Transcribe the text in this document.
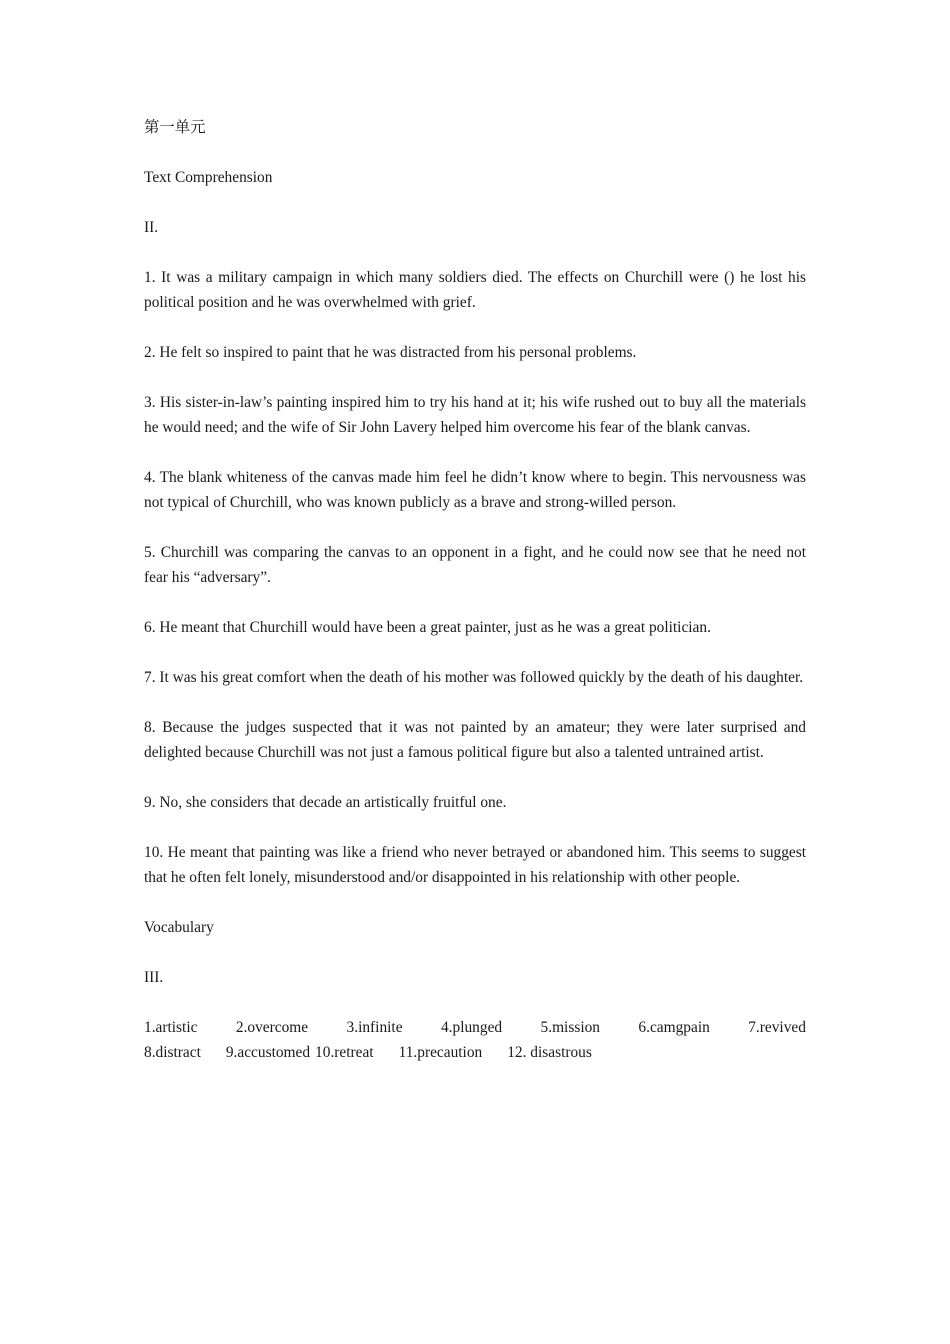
第一单元
Text Comprehension
II.
1. It was a military campaign in which many soldiers died. The effects on Churchill were () he lost his political position and he was overwhelmed with grief.
2. He felt so inspired to paint that he was distracted from his personal problems.
3. His sister-in-law’s painting inspired him to try his hand at it; his wife rushed out to buy all the materials he would need; and the wife of Sir John Lavery helped him overcome his fear of the blank canvas.
4. The blank whiteness of the canvas made him feel he didn’t know where to begin. This nervousness was not typical of Churchill, who was known publicly as a brave and strong-willed person.
5. Churchill was comparing the canvas to an opponent in a fight, and he could now see that he need not fear his “adversary”.
6. He meant that Churchill would have been a great painter, just as he was a great politician.
7. It was his great comfort when the death of his mother was followed quickly by the death of his daughter.
8. Because the judges suspected that it was not painted by an amateur; they were later surprised and delighted because Churchill was not just a famous political figure but also a talented untrained artist.
9. No, she considers that decade an artistically fruitful one.
10. He meant that painting was like a friend who never betrayed or abandoned him. This seems to suggest that he often felt lonely, misunderstood and/or disappointed in his relationship with other people.
Vocabulary
III.
1.artistic 2.overcome 3.infinite 4.plunged 5.mission 6.camgpain 7.revived
8.distract 9.accustomed 10.retreat 11.precaution 12. disastrous
